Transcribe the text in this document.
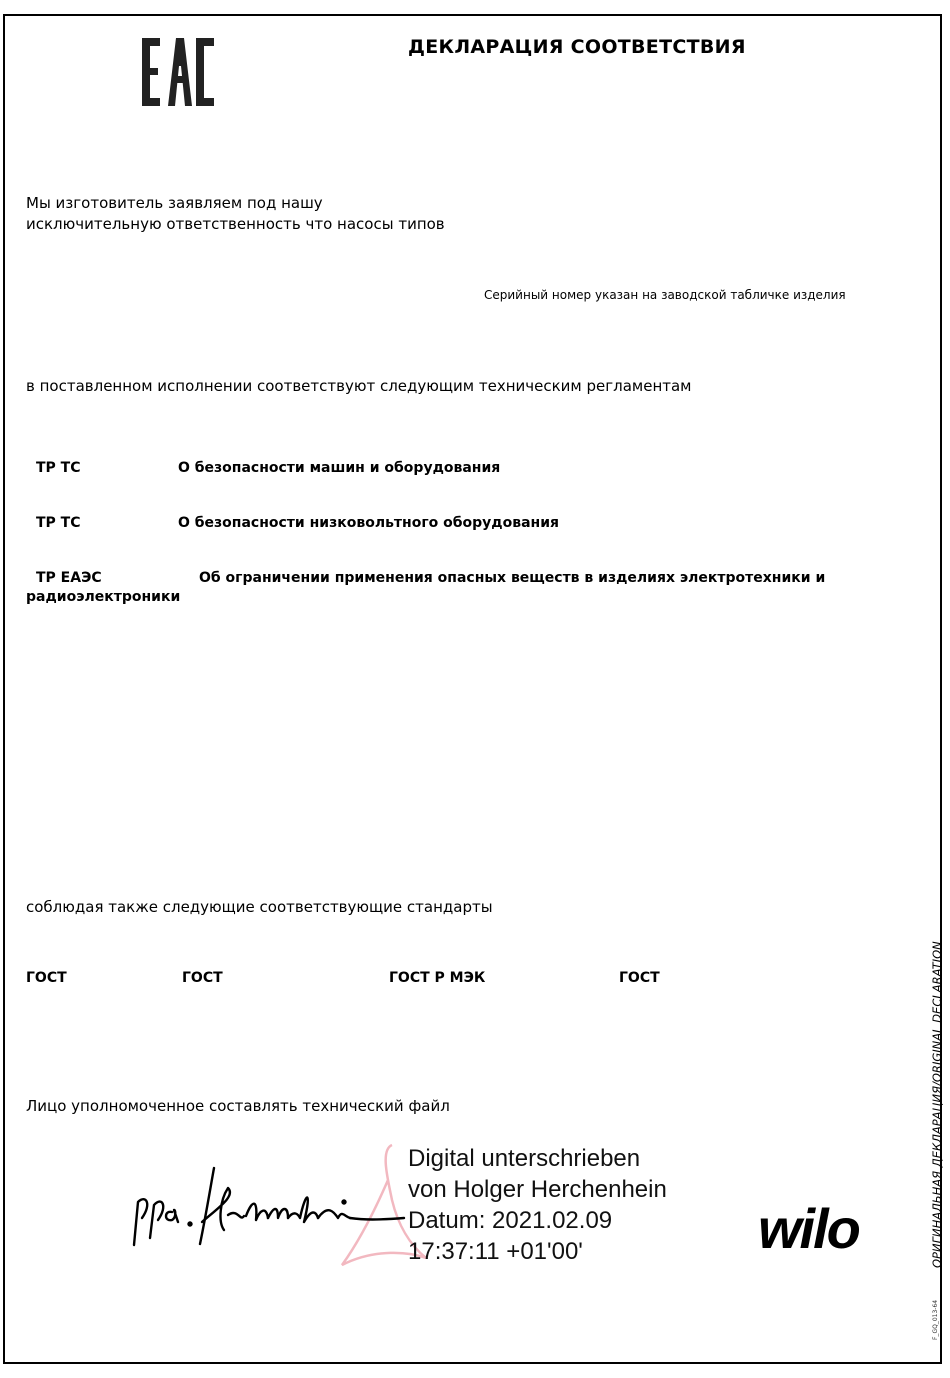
ДЕКЛАРАЦИЯ СООТВЕТСТВИЯ
Мы изготовитель заявляем под нашу
исключительную ответственность что насосы типов
Серийный номер указан на заводской табличке изделия
в поставленном исполнении соответствуют следующим техническим регламентам
ТР ТС	О безопасности машин и оборудования
ТР ТС	О безопасности низковольтного оборудования
ТР ЕАЭС	Об ограничении применения опасных веществ в изделиях электротехники и
радиоэлектроники
соблюдая также следующие соответствующие стандарты
ГОСТ	ГОСТ	ГОСТ Р МЭК	ГОСТ
Лицо уполномоченное составлять технический файл
Digital unterschrieben
von Holger Herchenhein
Datum: 2021.02.09
17:37:11 +01'00'	wilo	ОРИГИНАЛЬНАЯ ДЕКЛАРАЦИЯ/ORIGINAL DECLARATION
F_GQ_013-64
